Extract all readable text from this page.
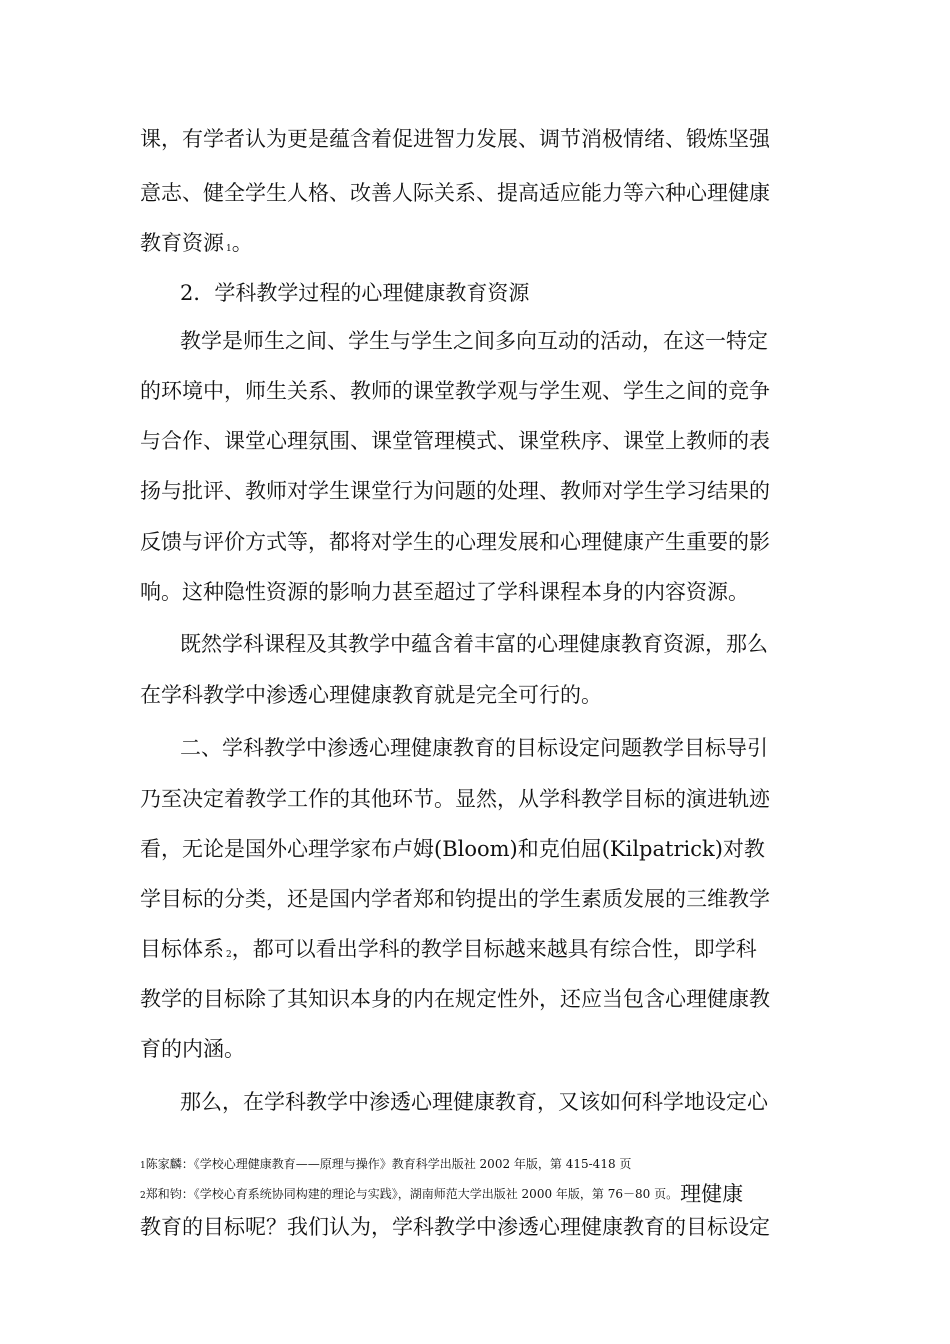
课，有学者认为更是蕴含着促进智力发展、调节消极情绪、锻炼坚强
意志、健全学生人格、改善人际关系、提高适应能力等六种心理健康
教育资源 1。
2．学科教学过程的心理健康教育资源
教学是师生之间、学生与学生之间多向互动的活动，在这一特定
的环境中，师生关系、教师的课堂教学观与学生观、学生之间的竞争
与合作、课堂心理氛围、课堂管理模式、课堂秩序、课堂上教师的表
扬与批评、教师对学生课堂行为问题的处理、教师对学生学习结果的
反馈与评价方式等，都将对学生的心理发展和心理健康产生重要的影
响。这种隐性资源的影响力甚至超过了学科课程本身的内容资源。
既然学科课程及其教学中蕴含着丰富的心理健康教育资源，那么
在学科教学中渗透心理健康教育就是完全可行的。
二、学科教学中渗透心理健康教育的目标设定问题教学目标导引
乃至决定着教学工作的其他环节。显然，从学科教学目标的演进轨迹
看，无论是国外心理学家布卢姆(Bloom)和克伯屈(Kilpatrick)对教
学目标的分类，还是国内学者郑和钧提出的学生素质发展的三维教学
目标体系 2，都可以看出学科的教学目标越来越具有综合性，即学科
教学的目标除了其知识本身的内在规定性外，还应当包含心理健康教
育的内涵。
那么，在学科教学中渗透心理健康教育，又该如何科学地设定心
1陈家麟：《学校心理健康教育——原理与操作》教育科学出版社 2002 年版，第 415-418 页
2郑和钧：《学校心育系统协同构建的理论与实践》，湖南师范大学出版社 2000 年版，第 76－80 页。理健康
教育的目标呢？我们认为，学科教学中渗透心理健康教育的目标设定
